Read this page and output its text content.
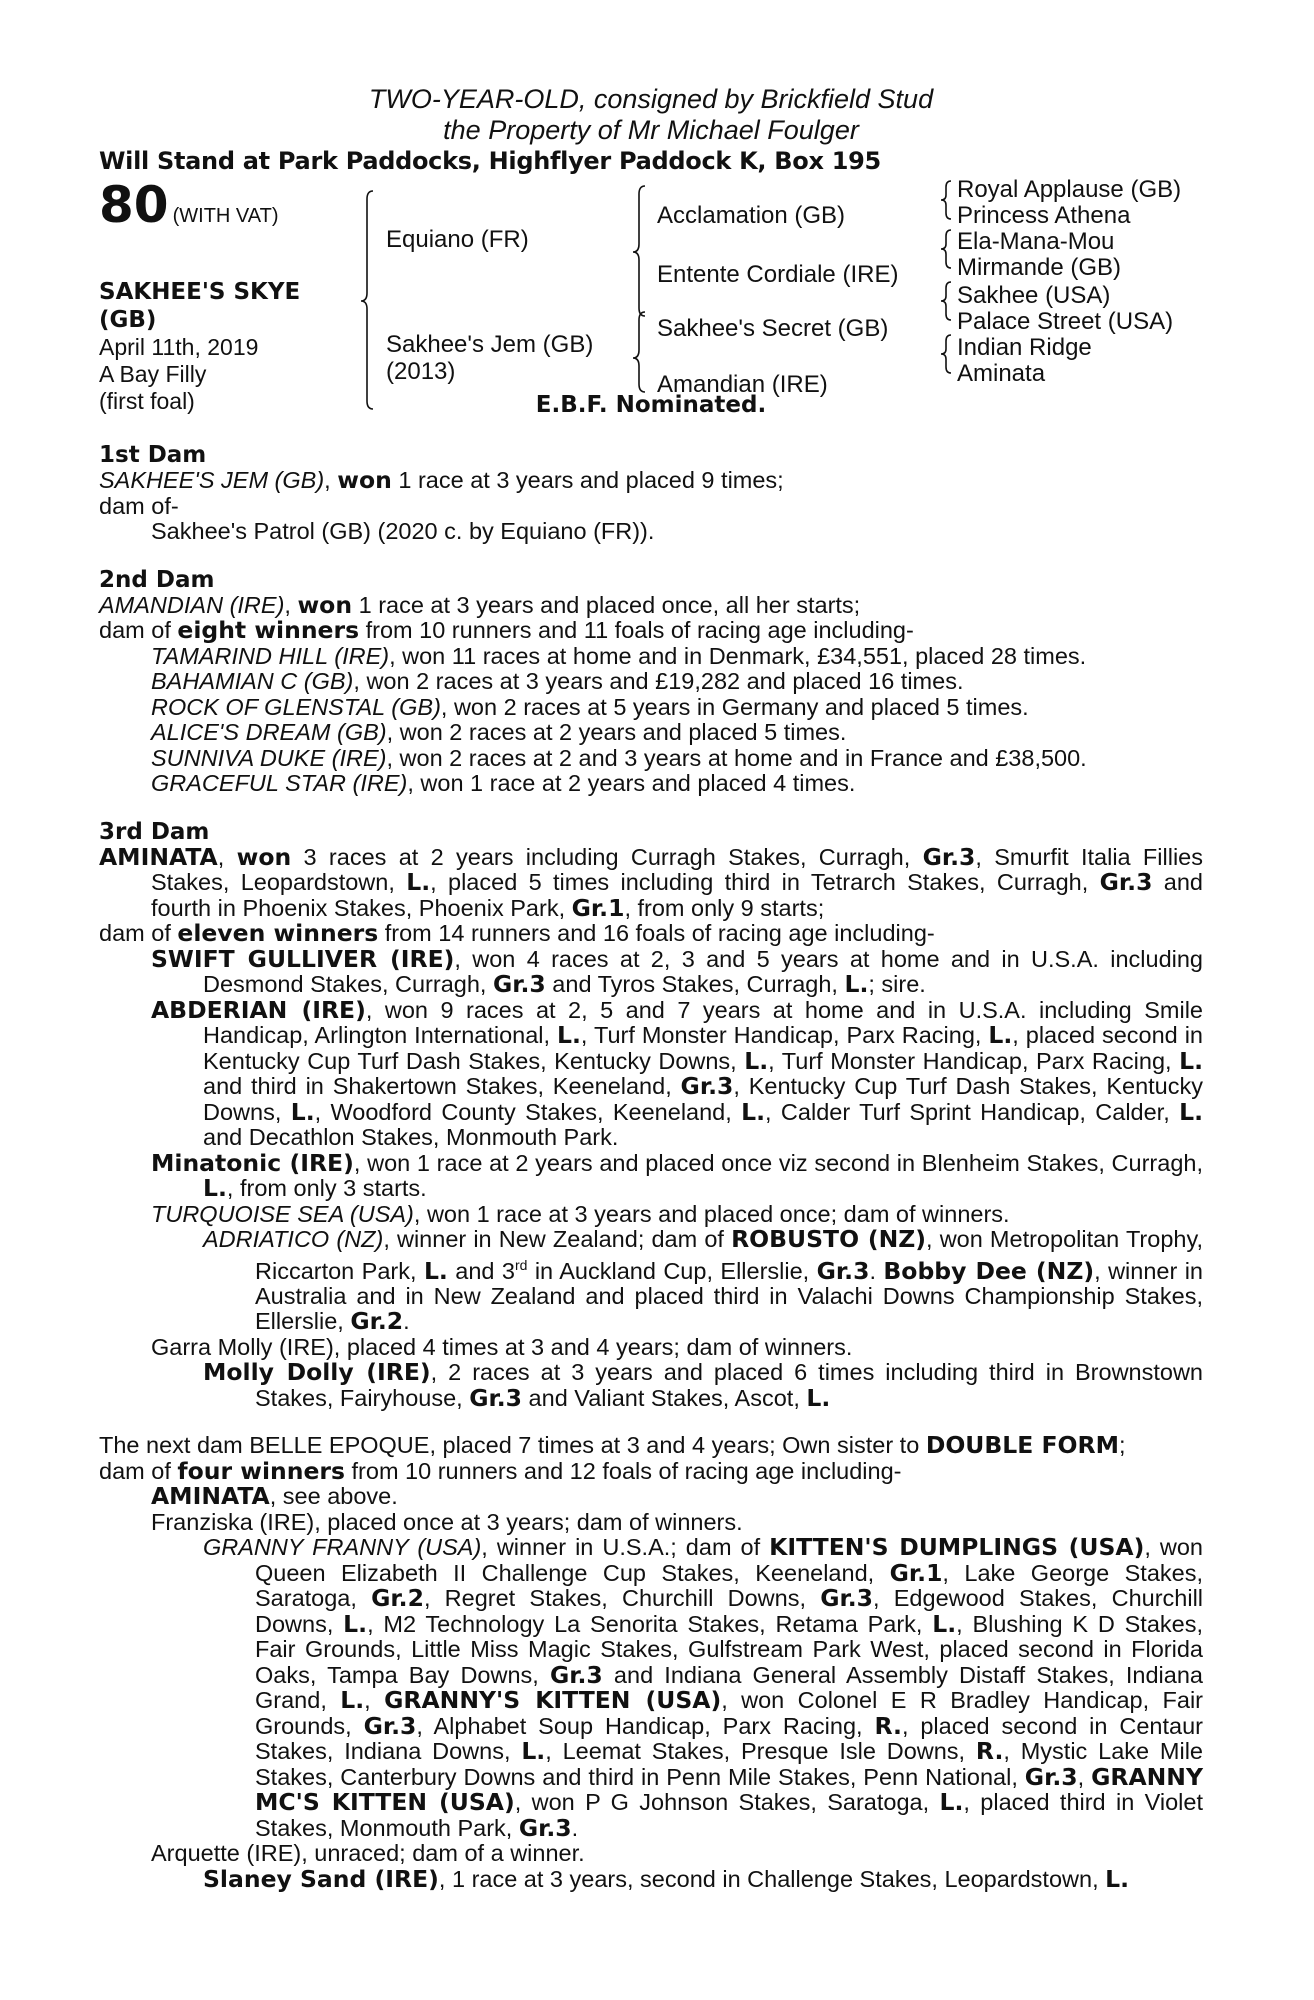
TWO-YEAR-OLD, consigned by Brickfield Stud
the Property of Mr Michael Foulger
Will Stand at Park Paddocks, Highflyer Paddock K, Box 195
80 (WITH VAT)
SAKHEE'S SKYE (GB)
April 11th, 2019
A Bay Filly
(first foal)
Equiano (FR)
Sakhee's Jem (GB)
(2013)
Acclamation (GB)
Entente Cordiale (IRE)
Sakhee's Secret (GB)
Amandian (IRE)
Royal Applause (GB)
Princess Athena
Ela-Mana-Mou
Mirmande (GB)
Sakhee (USA)
Palace Street (USA)
Indian Ridge
Aminata
E.B.F. Nominated.
1st Dam
SAKHEE'S JEM (GB), won 1 race at 3 years and placed 9 times;
dam of-
Sakhee's Patrol (GB) (2020 c. by Equiano (FR)).
2nd Dam
AMANDIAN (IRE), won 1 race at 3 years and placed once, all her starts;
dam of eight winners from 10 runners and 11 foals of racing age including-
TAMARIND HILL (IRE), won 11 races at home and in Denmark, £34,551, placed 28 times.
BAHAMIAN C (GB), won 2 races at 3 years and £19,282 and placed 16 times.
ROCK OF GLENSTAL (GB), won 2 races at 5 years in Germany and placed 5 times.
ALICE'S DREAM (GB), won 2 races at 2 years and placed 5 times.
SUNNIVA DUKE (IRE), won 2 races at 2 and 3 years at home and in France and £38,500.
GRACEFUL STAR (IRE), won 1 race at 2 years and placed 4 times.
3rd Dam
AMINATA, won 3 races at 2 years including Curragh Stakes, Curragh, Gr.3, Smurfit Italia Fillies Stakes, Leopardstown, L., placed 5 times including third in Tetrarch Stakes, Curragh, Gr.3 and fourth in Phoenix Stakes, Phoenix Park, Gr.1, from only 9 starts;
dam of eleven winners from 14 runners and 16 foals of racing age including-
SWIFT GULLIVER (IRE), won 4 races at 2, 3 and 5 years at home and in U.S.A. including Desmond Stakes, Curragh, Gr.3 and Tyros Stakes, Curragh, L.; sire.
ABDERIAN (IRE), won 9 races at 2, 5 and 7 years at home and in U.S.A. including Smile Handicap, Arlington International, L., Turf Monster Handicap, Parx Racing, L., placed second in Kentucky Cup Turf Dash Stakes, Kentucky Downs, L., Turf Monster Handicap, Parx Racing, L. and third in Shakertown Stakes, Keeneland, Gr.3, Kentucky Cup Turf Dash Stakes, Kentucky Downs, L., Woodford County Stakes, Keeneland, L., Calder Turf Sprint Handicap, Calder, L. and Decathlon Stakes, Monmouth Park.
Minatonic (IRE), won 1 race at 2 years and placed once viz second in Blenheim Stakes, Curragh, L., from only 3 starts.
TURQUOISE SEA (USA), won 1 race at 3 years and placed once; dam of winners.
ADRIATICO (NZ), winner in New Zealand; dam of ROBUSTO (NZ), won Metropolitan Trophy, Riccarton Park, L. and 3rd in Auckland Cup, Ellerslie, Gr.3. Bobby Dee (NZ), winner in Australia and in New Zealand and placed third in Valachi Downs Championship Stakes, Ellerslie, Gr.2.
Garra Molly (IRE), placed 4 times at 3 and 4 years; dam of winners.
Molly Dolly (IRE), 2 races at 3 years and placed 6 times including third in Brownstown Stakes, Fairyhouse, Gr.3 and Valiant Stakes, Ascot, L.
The next dam BELLE EPOQUE, placed 7 times at 3 and 4 years; Own sister to DOUBLE FORM;
dam of four winners from 10 runners and 12 foals of racing age including-
AMINATA, see above.
Franziska (IRE), placed once at 3 years; dam of winners.
GRANNY FRANNY (USA), winner in U.S.A.; dam of KITTEN'S DUMPLINGS (USA), won Queen Elizabeth II Challenge Cup Stakes, Keeneland, Gr.1, Lake George Stakes, Saratoga, Gr.2, Regret Stakes, Churchill Downs, Gr.3, Edgewood Stakes, Churchill Downs, L., M2 Technology La Senorita Stakes, Retama Park, L., Blushing K D Stakes, Fair Grounds, Little Miss Magic Stakes, Gulfstream Park West, placed second in Florida Oaks, Tampa Bay Downs, Gr.3 and Indiana General Assembly Distaff Stakes, Indiana Grand, L., GRANNY'S KITTEN (USA), won Colonel E R Bradley Handicap, Fair Grounds, Gr.3, Alphabet Soup Handicap, Parx Racing, R., placed second in Centaur Stakes, Indiana Downs, L., Leemat Stakes, Presque Isle Downs, R., Mystic Lake Mile Stakes, Canterbury Downs and third in Penn Mile Stakes, Penn National, Gr.3, GRANNY MC'S KITTEN (USA), won P G Johnson Stakes, Saratoga, L., placed third in Violet Stakes, Monmouth Park, Gr.3.
Arquette (IRE), unraced; dam of a winner.
Slaney Sand (IRE), 1 race at 3 years, second in Challenge Stakes, Leopardstown, L.
